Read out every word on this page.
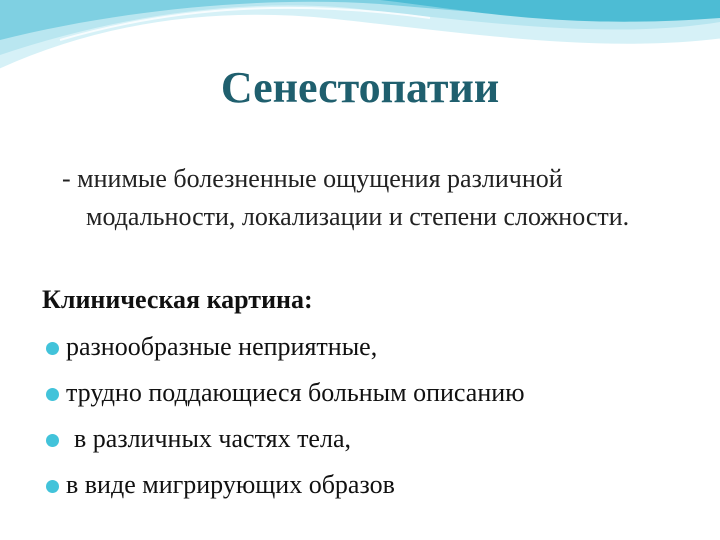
Сенестопатии
- мнимые болезненные ощущения различной модальности, локализации и степени сложности.
Клиническая картина:
разнообразные неприятные,
трудно поддающиеся больным описанию
в различных частях тела,
в виде мигрирующих образов
